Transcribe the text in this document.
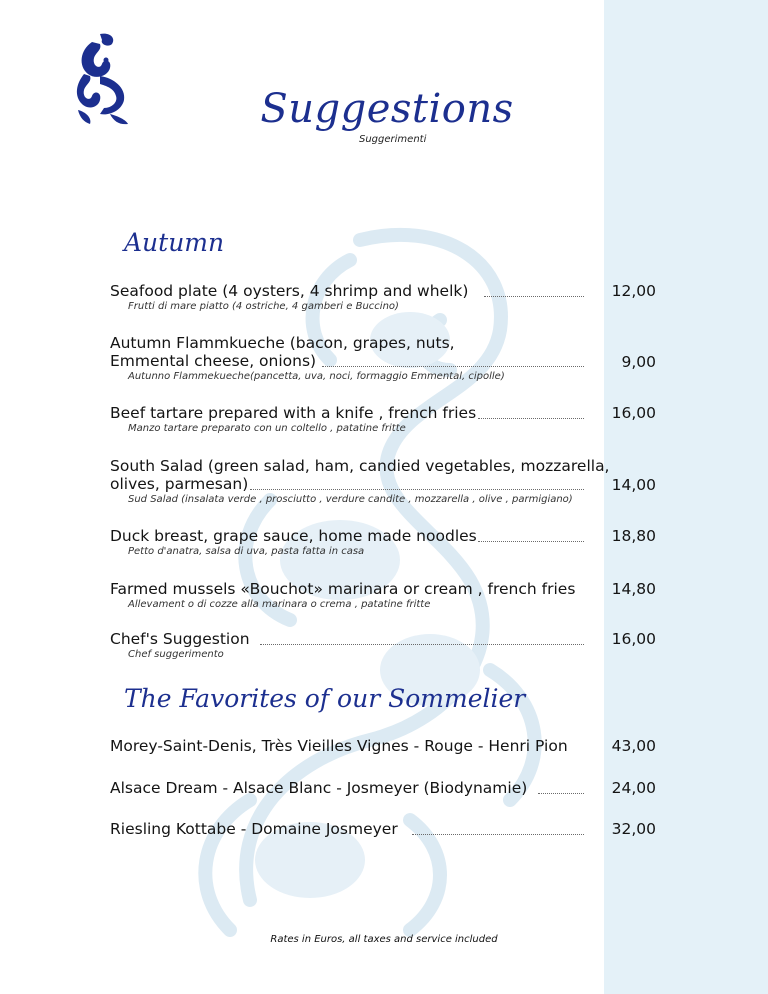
Suggestions
Suggerimenti
Autumn
Seafood plate (4 oysters, 4 shrimp and whelk)	12,00
Frutti di mare piatto (4 ostriche, 4 gamberi e Buccino)
Autumn Flammkueche (bacon, grapes, nuts,
Emmental cheese, onions)	9,00
Autunno Flammekueche(pancetta, uva, noci, formaggio Emmental, cipolle)
Beef tartare prepared with a knife , french fries	16,00
Manzo tartare preparato con un coltello , patatine fritte
South Salad (green salad, ham, candied vegetables, mozzarella,
olives, parmesan)	14,00
Sud Salad (insalata verde , prosciutto , verdure candite , mozzarella , olive , parmigiano)
Duck breast, grape sauce, home made noodles	18,80
Petto d'anatra, salsa di uva, pasta fatta in casa
Farmed mussels «Bouchot» marinara or cream , french fries 14,80
Allevament o di cozze alla marinara o crema , patatine fritte
Chef's Suggestion	16,00
Chef suggerimento
The Favorites of our Sommelier
Morey-Saint-Denis, Très Vieilles Vignes - Rouge - Henri Pion	43,00
Alsace Dream - Alsace Blanc - Josmeyer (Biodynamie)	24,00
Riesling Kottabe - Domaine Josmeyer	32,00
Rates in Euros, all taxes and service included
